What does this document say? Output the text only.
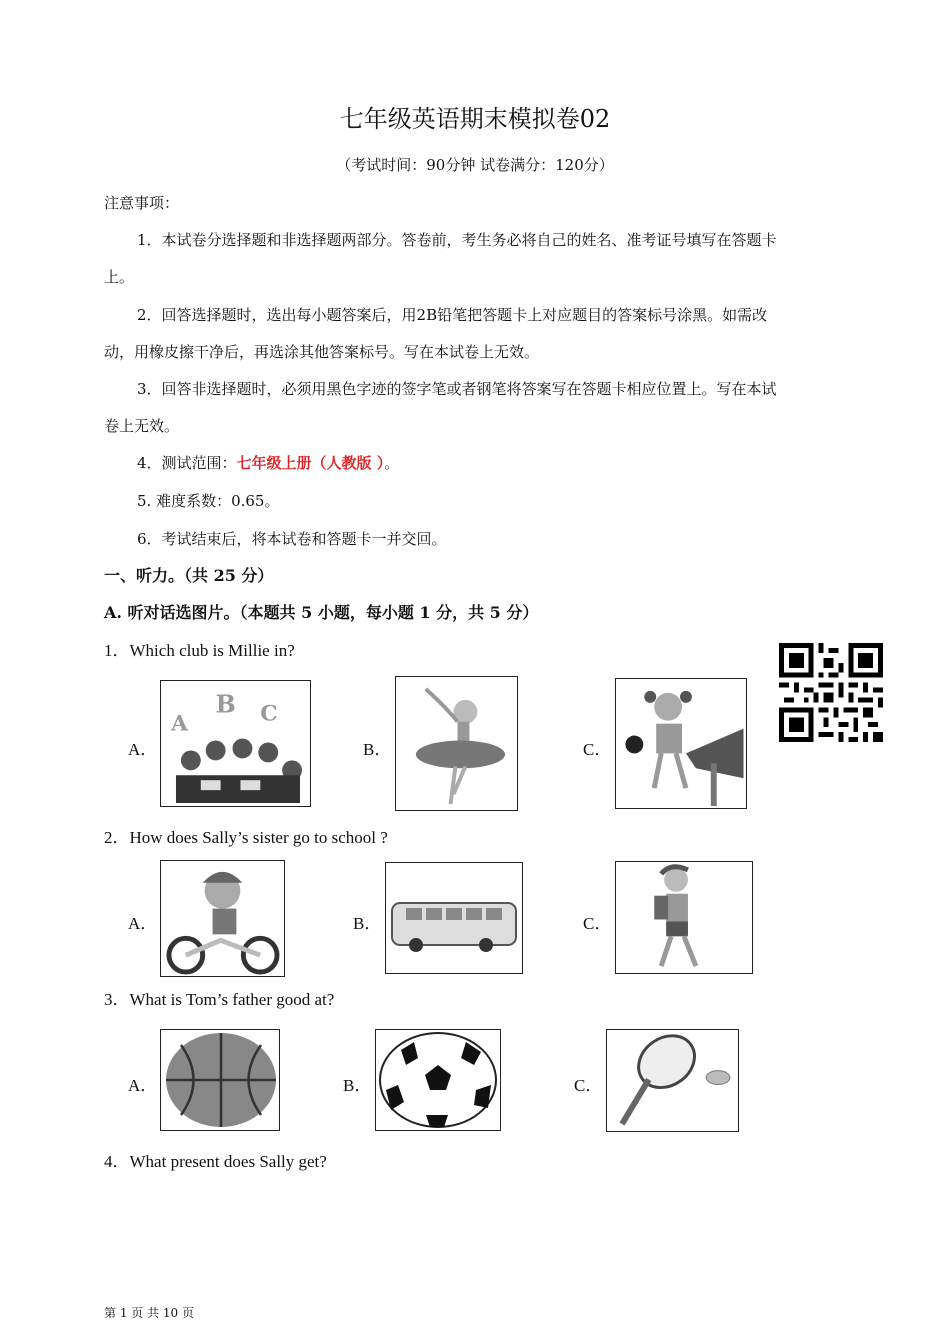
七年级英语期末模拟卷02
（考试时间：90分钟 试卷满分：120分）
注意事项：
1．本试卷分选择题和非选择题两部分。答卷前，考生务必将自己的姓名、准考证号填写在答题卡
上。
2．回答选择题时，选出每小题答案后，用2B铅笔把答题卡上对应题目的答案标号涂黑。如需改
动，用橡皮擦干净后，再选涂其他答案标号。写在本试卷上无效。
3．回答非选择题时，必须用黑色字迹的签字笔或者钢笔将答案写在答题卡相应位置上。写在本试
卷上无效。
4．测试范围：七年级上册（人教版 ）。
5. 难度系数：0.65。
6．考试结束后，将本试卷和答题卡一并交回。
一、听力。（共 25 分）
A. 听对话选图片。（本题共 5 小题，每小题 1 分，共 5 分）
1．Which club is Millie in?
A．
A
B C
B．	C．
2．How does Sally’s sister go to school ?
A．	B．	C．
3．What is Tom’s father good at?
A．	B．	C．
4．What present does Sally get?
第 1 页 共 10 页
